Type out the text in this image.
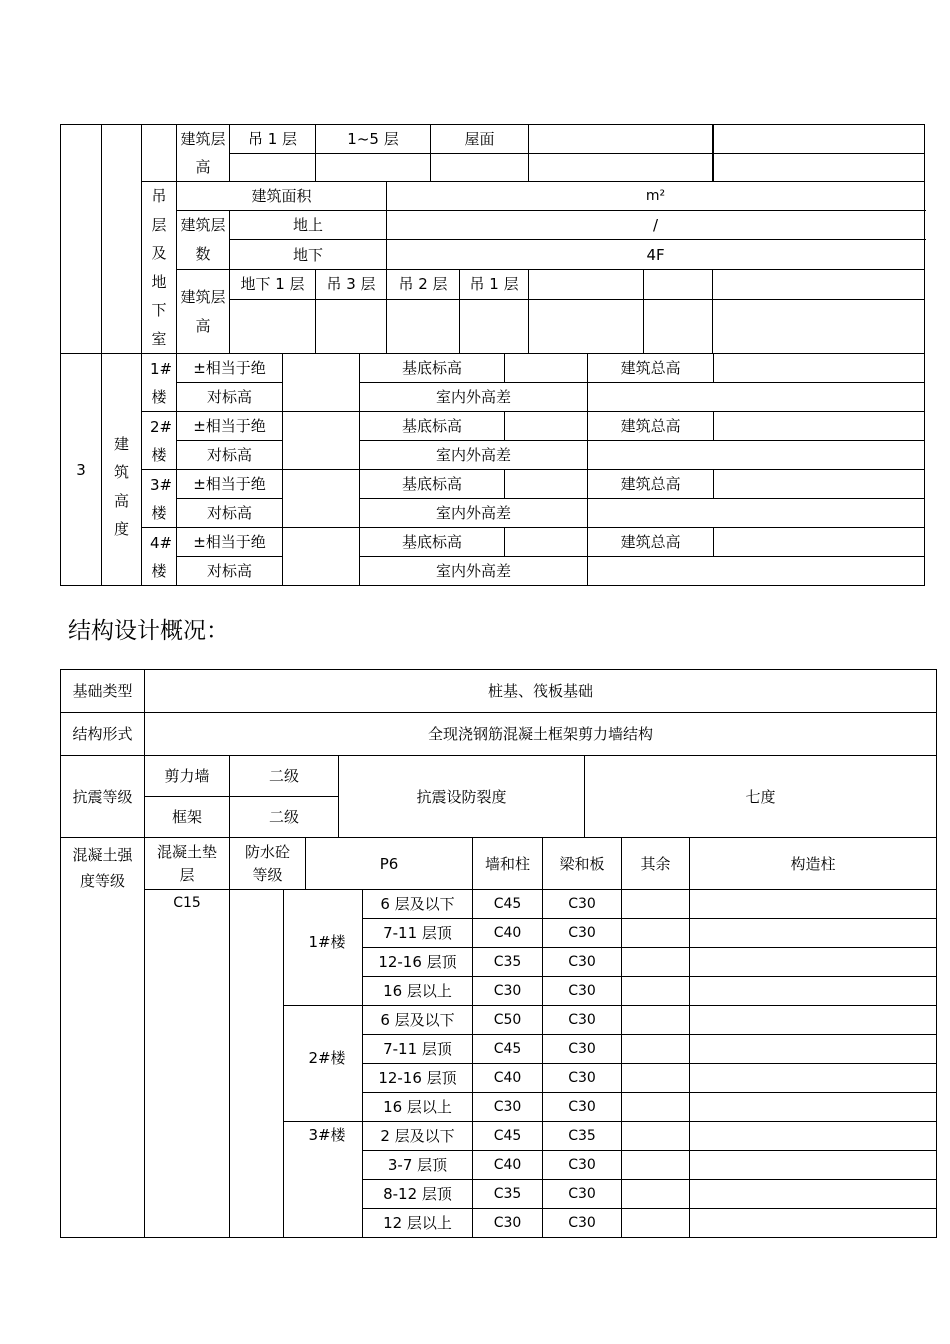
			建筑层高	吊 1 层		1~5 层			屋面							

		吊层及地下室	建筑面积					m²								
			建筑层数	地上				/								
				地下				4F								
			建筑层高	地下 1 层		吊 3 层		吊 2 层		吊 1 层						

3	建筑高度	1#楼	±相当于绝				基底标高						建筑总高			
			对标高				室内外高差									
		2#楼	±相当于绝				基底标高						建筑总高			
			对标高				室内外高差									
		3#楼	±相当于绝				基底标高						建筑总高			
			对标高				室内外高差									
		4#楼	±相当于绝				基底标高						建筑总高			
			对标高				室内外高差									
结构设计概况：
基础类型	桩基、筏板基础										
结构形式	全现浇钢筋混凝土框架剪力墙结构										
抗震等级	剪力墙	二级			抗震设防裂度				七度		
	框架	二级									
混凝土强度等级	混凝土垫层	防水砼等级		P6			墙和柱	梁和板		其余	构造柱
	C15		1#楼			6 层及以下	C45	C30			
						7-11 层顶	C40	C30			
						12-16 层顶	C35	C30			
						16 层以上	C30	C30			
			2#楼			6 层及以下	C50	C30			
						7-11 层顶	C45	C30			
						12-16 层顶	C40	C30			
						16 层以上	C30	C30			
			3#楼			2 层及以下	C45	C35			
						3-7 层顶	C40	C30			
						8-12 层顶	C35	C30			
						12 层以上	C30	C30			
